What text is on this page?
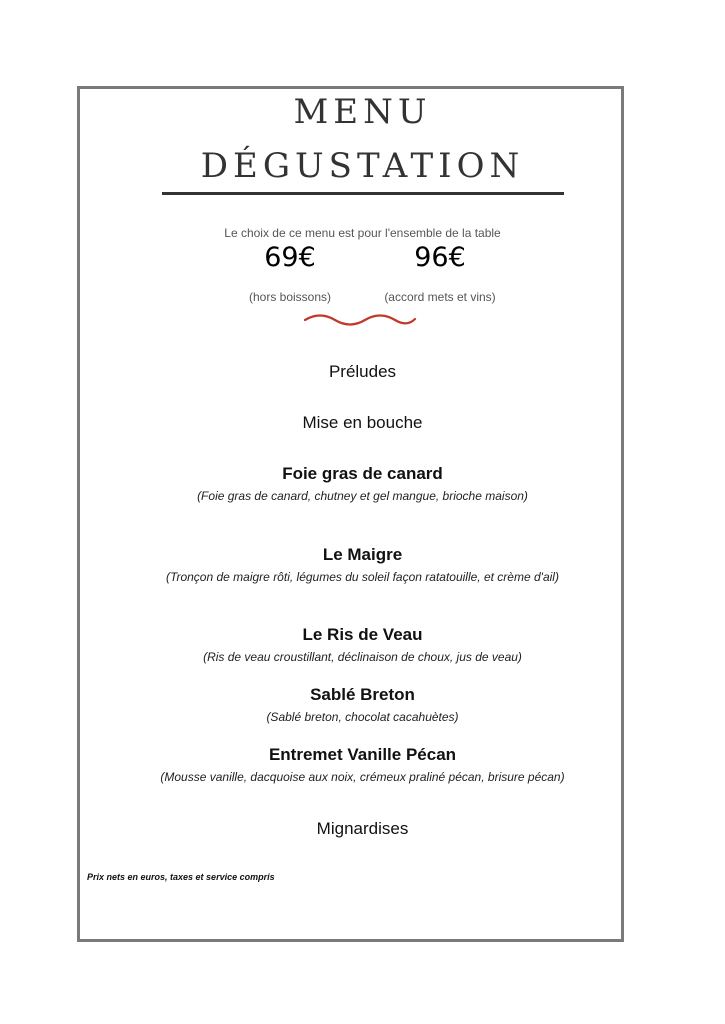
MENU
DÉGUSTATION
Le choix de ce menu est pour l'ensemble de la table
69€	96€
(hors boissons)	(accord mets et vins)
Préludes
Mise en bouche
Foie gras de canard
(Foie gras de canard, chutney et gel mangue, brioche maison)
Le Maigre
(Tronçon de maigre rôti, légumes du soleil façon ratatouille, et crème d'ail)
Le Ris de Veau
(Ris de veau croustillant, déclinaison de choux, jus de veau)
Sablé Breton
(Sablé breton, chocolat cacahuètes)
Entremet Vanille Pécan
(Mousse vanille, dacquoise aux noix, crémeux praliné pécan, brisure pécan)
Mignardises
Prix nets en euros, taxes et service compris
